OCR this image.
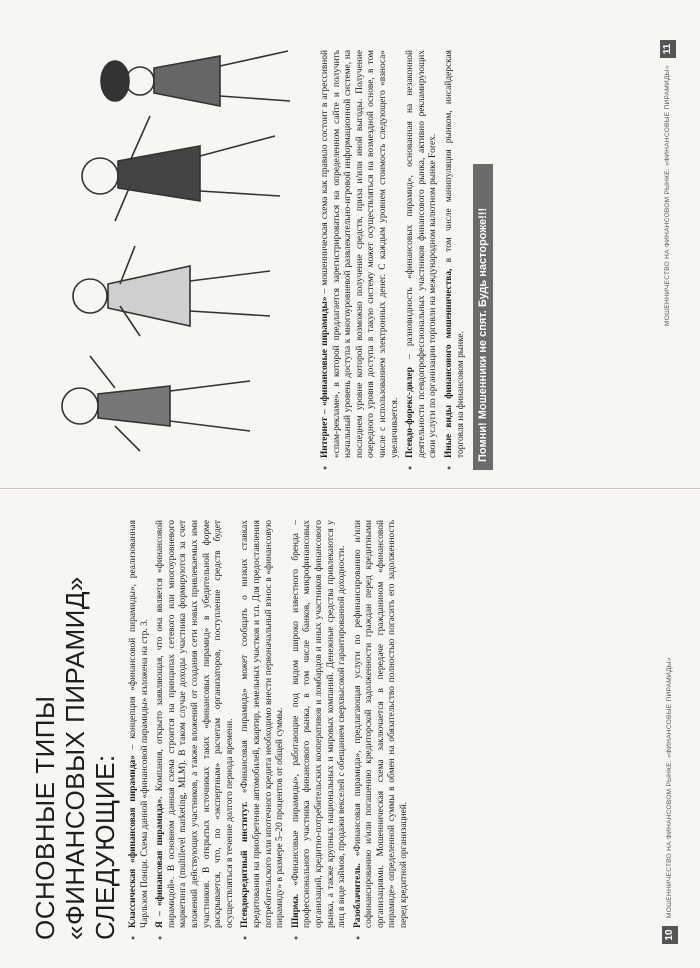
● Интернет – «финансовые пирамиды» – мошенническая схема как правило состоит в агрессивной «спам-рекламе», в которой предлагается зарегистрироваться на определенном сайте и получить начальный уровень доступа к многоуровневой развлекательно-игровой информационной системе, на последнем уровне которой возможно получение средств, приза и/или иной выгоды. Получение очередного уровня доступа в такую систему может осуществляться на возмездной основе, в том числе с использованием электронных денег. С каждым уровнем стоимость следующего «взноса» увеличивается. ● Псевдо-форекс-дилер – разновидность «финансовых пирамид», основанная на незаконной деятельности псевдопрофессиональных участников финансового рынка, активно рекламирующих свои услуги по организации торговли на международном валютном рынке Forex. ● Иные виды финансового мошенничества, в том числе манипуляция рынком, инсайдерская торговля на финансовом рынке.	Помни! Мошенники не спят. Будь настороже!!!
МОШЕННИЧЕСТВО НА ФИНАНСОВОМ РЫНКЕ: «ФИНАНСОВЫЕ ПИРАМИДЫ»
11
ОСНОВНЫЕ ТИПЫ «ФИНАНСОВЫХ ПИРАМИД» СЛЕДУЮЩИЕ: ● Классическая «финансовая пирамида» – концепция «финансовой пирамиды», реализованная Чарльзом Понци. Схема данной «финансовой пирамиды» изложена на стр. 3. ● Я – «финансовая пирамида». Компания, открыто заявляющая, что она является «финансовой пирамидой». В основном данная схема строится на принципах сетевого или многоуровневого маркетинга (multilevel marketing, MLM). В таком случае доходы участника формируются за счет вложений действующих участников, а также вложений от создания сети новых привлекаемых ими участников. В открытых источниках таких «финансовых пирамид» в убедительной форме раскрывается, что, по «экспертным» расчетам организаторов, поступление средств будет осуществляться в течение долгого периода времени. ● Псевдокредитный институт. «Финансовая пирамида» может сообщать о низких ставках кредитования на приобретение автомобилей, квартир, земельных участков и т.п. Для предоставления потребительского или ипотечного кредита необходимо внести первоначальный взнос в «финансовую пирамиду» в размере 5–20 процентов от общей суммы. ● Ширма. «Финансовые пирамиды», работающие под видом широко известного бренда – профессионального участника финансового рынка, в том числе банков, микрофинансовых организаций, кредитно-потребительских кооперативов и ломбардов и иных участников финансового рынка, а также крупных национальных и мировых компаний. Денежные средства привлекаются у лиц в виде займов, продажи векселей с обещанием сверхвысокой гарантированной доходности. ● Разоблачитель. «Финансовая пирамида», предлагающая услуги по рефинансированию и/или софинансированию и/или погашению кредиторской задолженности граждан перед кредитными организациями. Мошенническая схема заключается в передаче гражданином «финансовой пирамиде» определенной суммы в обмен на обязательство полностью погасить его задолженность перед кредитной организацией.	МОШЕННИЧЕСТВО НА ФИНАНСОВОМ РЫНКЕ: «ФИНАНСОВЫЕ ПИРАМИДЫ»
10
